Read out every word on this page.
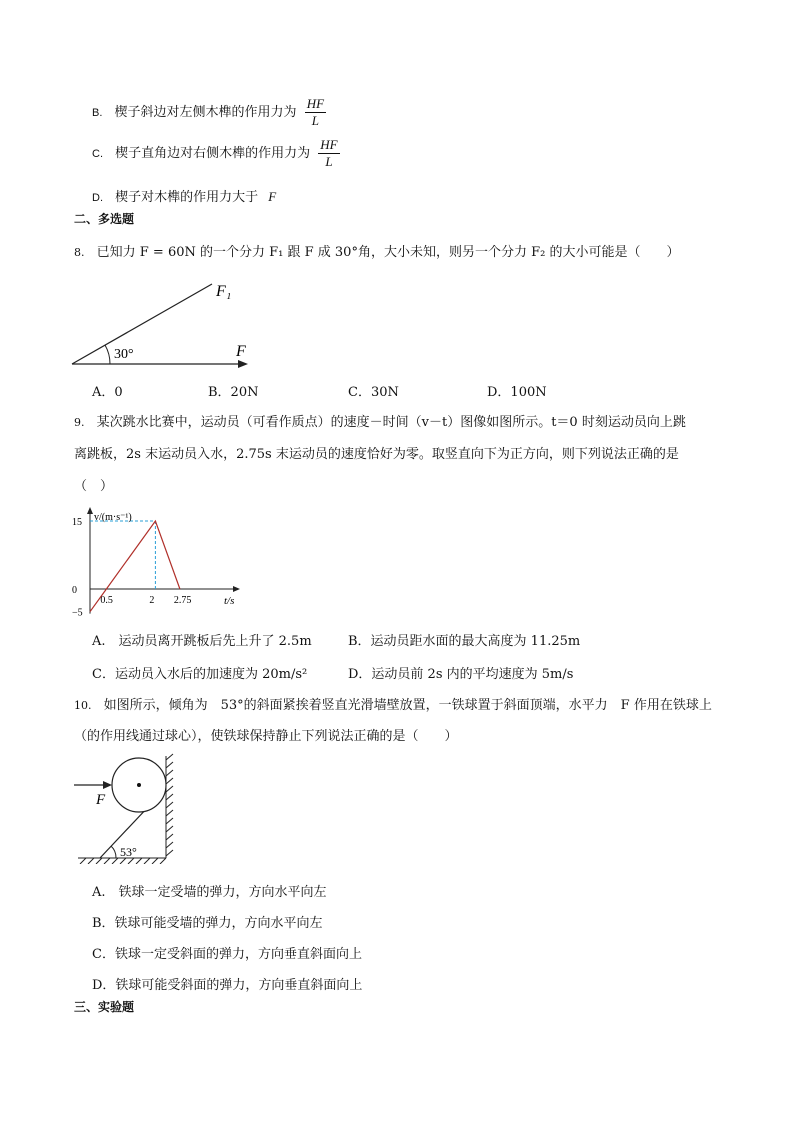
B. 楔子斜边对左侧木榫的作用力为 $\frac{HF}{L}$
C. 楔子直角边对右侧木榫的作用力为 $\frac{HF}{L}$
D. 楔子对木榫的作用力大于 F
二、多选题
8. 已知力 F = 60N 的一个分力 F₁ 跟 F 成 30°角，大小未知，则另一个分力 F₂ 的大小可能是（　　）
F₁
F
30°
A．0	B．20N	C．30N	D．100N
9. 某次跳水比赛中，运动员（可看作质点）的速度－时间（v－t）图像如图所示。t＝0 时刻运动员向上跳
离跳板，2s 末运动员入水，2.75s 末运动员的速度恰好为零。取竖直向下为正方向，则下列说法正确的是
（　）
15
0
−5
0.5	2 2.75
v/(m·s⁻¹)
t/s
A.　运动员离开跳板后先上升了 2.5m	B．运动员距水面的最大高度为 11.25m
C．运动员入水后的加速度为 20m/s²	D．运动员前 2s 内的平均速度为 5m/s
10. 如图所示，倾角为　53°的斜面紧挨着竖直光滑墙壁放置，一铁球置于斜面顶端，水平力　F 作用在铁球上
（的作用线通过球心），使铁球保持静止下列说法正确的是（　　）
F
53°
A.　铁球一定受墙的弹力，方向水平向左
B．铁球可能受墙的弹力，方向水平向左
C．铁球一定受斜面的弹力，方向垂直斜面向上
D．铁球可能受斜面的弹力，方向垂直斜面向上
三、实验题
